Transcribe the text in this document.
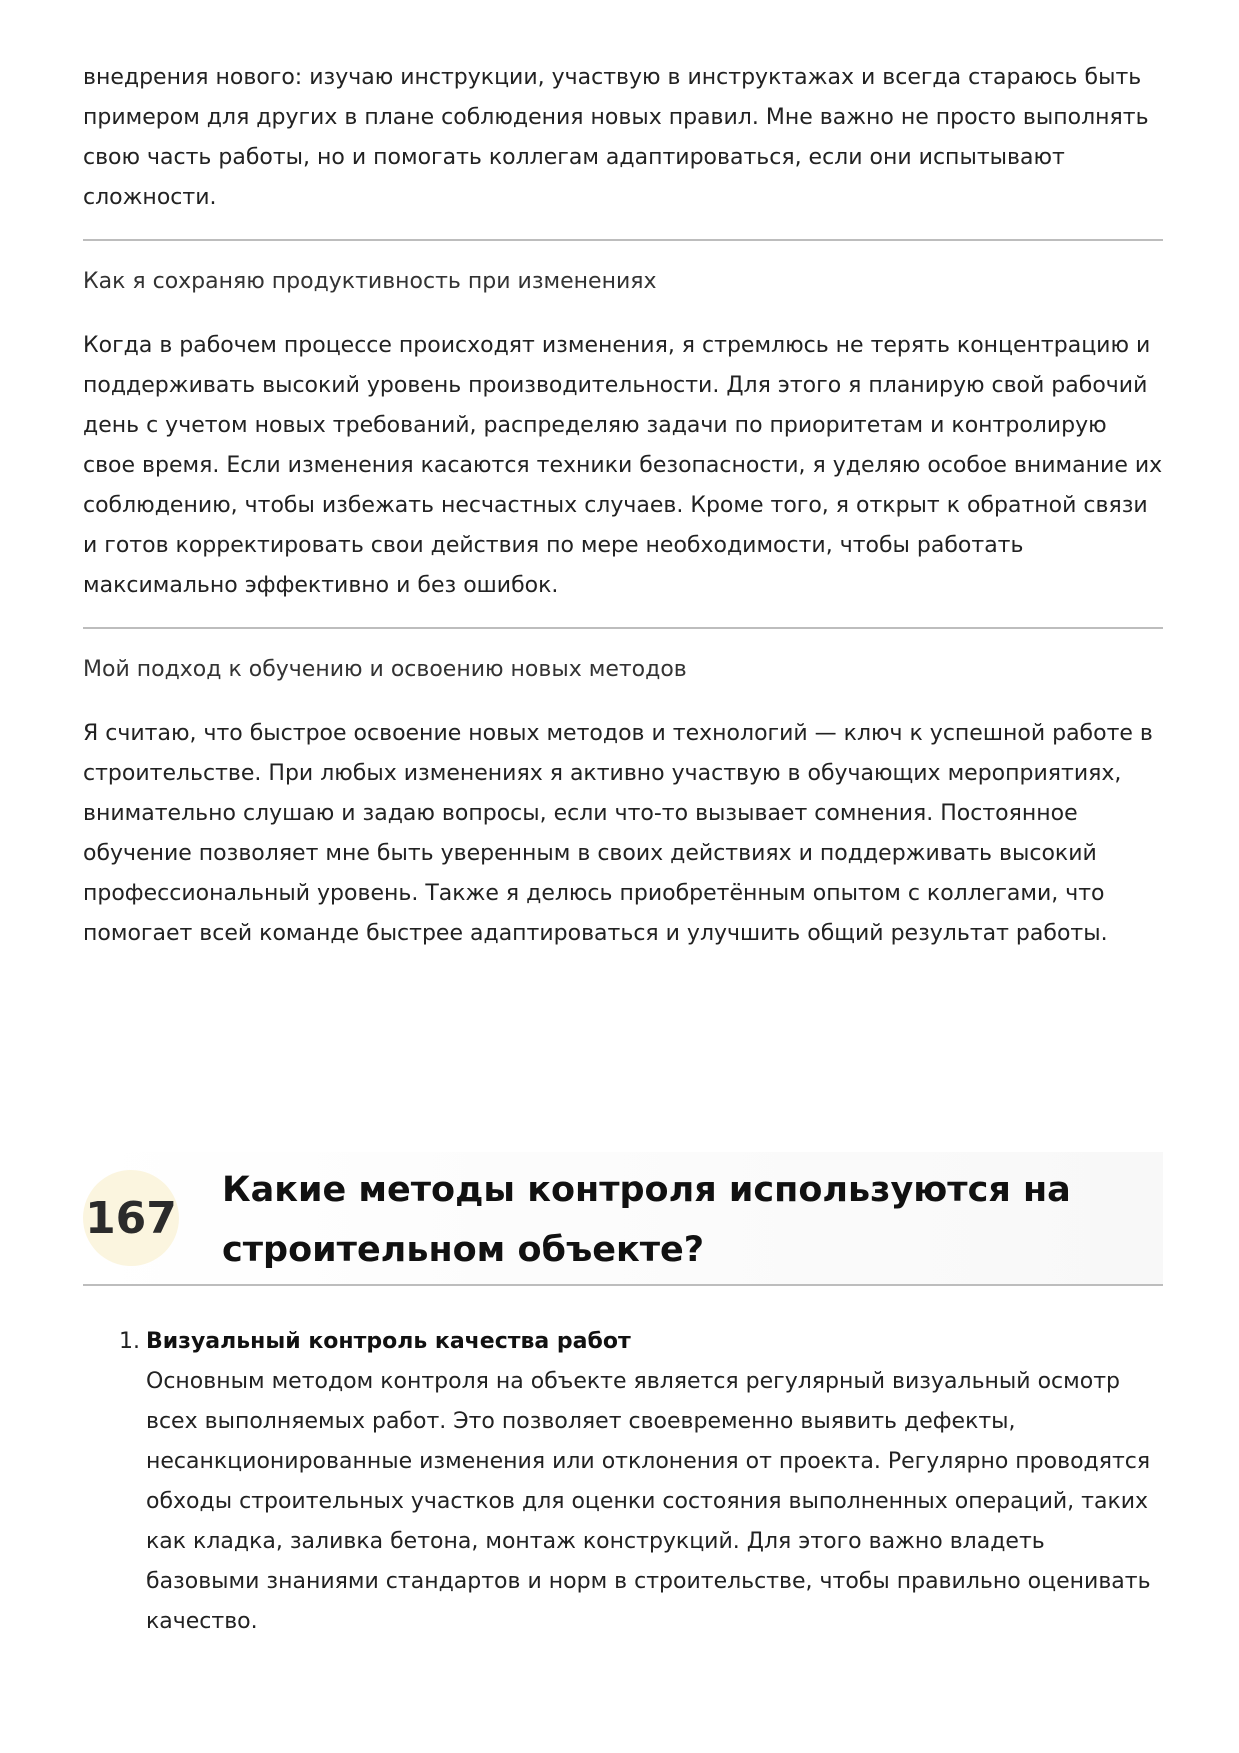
внедрения нового: изучаю инструкции, участвую в инструктажах и всегда стараюсь быть примером для других в плане соблюдения новых правил. Мне важно не просто выполнять свою часть работы, но и помогать коллегам адаптироваться, если они испытывают сложности.

Как я сохраняю продуктивность при изменениях

Когда в рабочем процессе происходят изменения, я стремлюсь не терять концентрацию и поддерживать высокий уровень производительности. Для этого я планирую свой рабочий день с учетом новых требований, распределяю задачи по приоритетам и контролирую свое время. Если изменения касаются техники безопасности, я уделяю особое внимание их соблюдению, чтобы избежать несчастных случаев. Кроме того, я открыт к обратной связи и готов корректировать свои действия по мере необходимости, чтобы работать максимально эффективно и без ошибок.

Мой подход к обучению и освоению новых методов

Я считаю, что быстрое освоение новых методов и технологий — ключ к успешной работе в строительстве. При любых изменениях я активно участвую в обучающих мероприятиях, внимательно слушаю и задаю вопросы, если что-то вызывает сомнения. Постоянное обучение позволяет мне быть уверенным в своих действиях и поддерживать высокий профессиональный уровень. Также я делюсь приобретённым опытом с коллегами, что помогает всей команде быстрее адаптироваться и улучшить общий результат работы.

167
Какие методы контроля используются на строительном объекте?
1. Визуальный контроль качества работ
Основным методом контроля на объекте является регулярный визуальный осмотр всех выполняемых работ. Это позволяет своевременно выявить дефекты, несанкционированные изменения или отклонения от проекта. Регулярно проводятся обходы строительных участков для оценки состояния выполненных операций, таких как кладка, заливка бетона, монтаж конструкций. Для этого важно владеть базовыми знаниями стандартов и норм в строительстве, чтобы правильно оценивать качество.
